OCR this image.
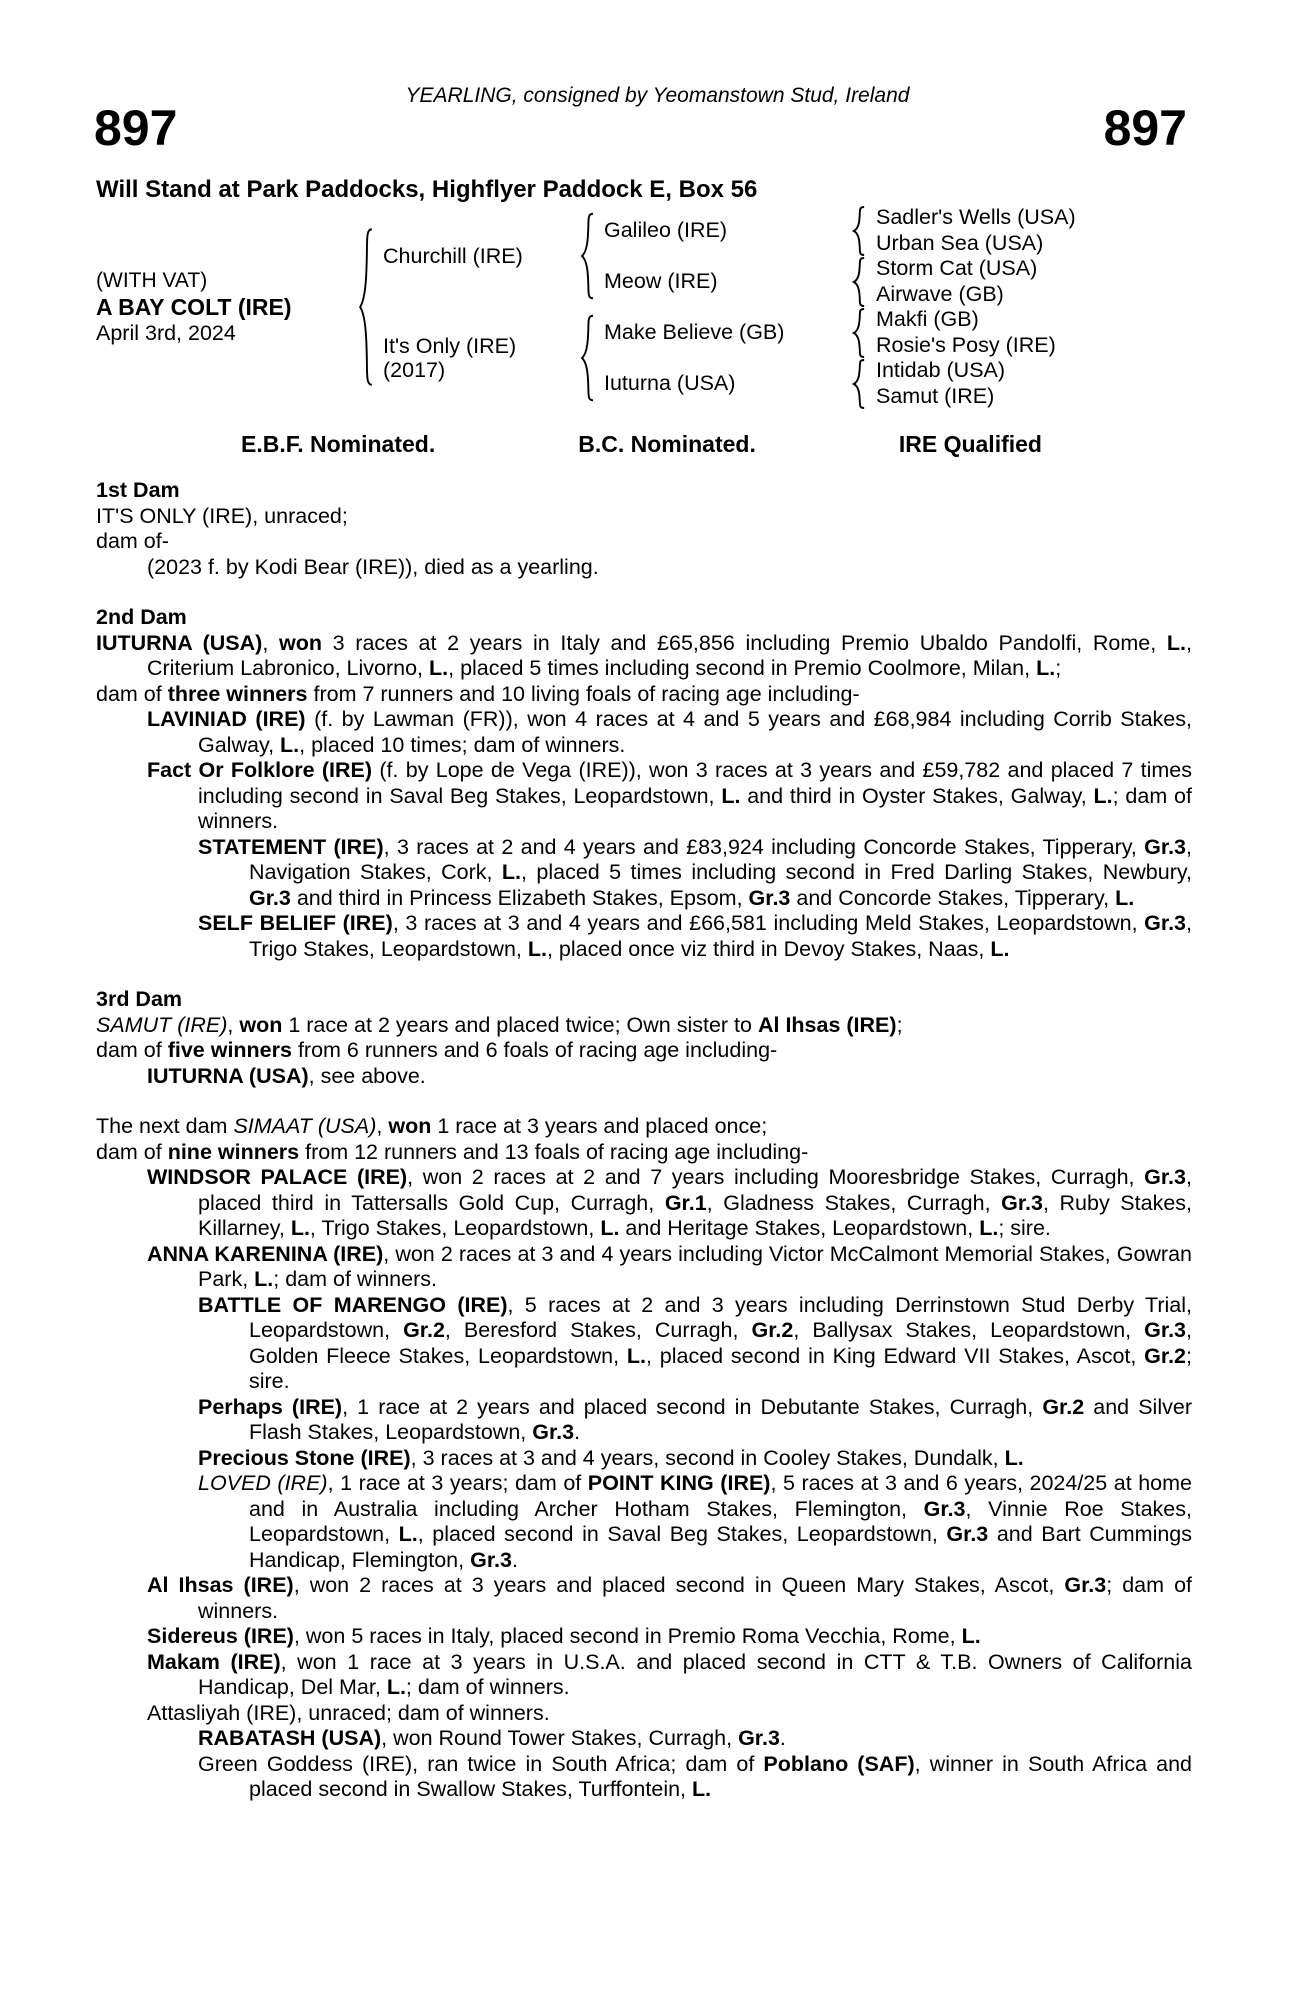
YEARLING, consigned by Yeomanstown Stud, Ireland
897	897
Will Stand at Park Paddocks, Highflyer Paddock E, Box 56
(WITH VAT)
A BAY COLT (IRE)
April 3rd, 2024
Churchill (IRE)
Galileo (IRE)
Sadler's Wells (USA)
Urban Sea (USA)
Meow (IRE)
Storm Cat (USA)
Airwave (GB)
It's Only (IRE)
(2017)
Make Believe (GB)
Makfi (GB)
Rosie's Posy (IRE)
Iuturna (USA)
Intidab (USA)
Samut (IRE)
E.B.F. Nominated.	B.C. Nominated.	IRE Qualified

1st Dam

IT'S ONLY (IRE), unraced;

dam of-

(2023 f. by Kodi Bear (IRE)), died as a yearling.

2nd Dam

IUTURNA (USA), won 3 races at 2 years in Italy and £65,856 including Premio Ubaldo Pandolfi, Rome, L., Criterium Labronico, Livorno, L., placed 5 times including second in Premio Coolmore, Milan, L.;

dam of three winners from 7 runners and 10 living foals of racing age including-

LAVINIAD (IRE) (f. by Lawman (FR)), won 4 races at 4 and 5 years and £68,984 including Corrib Stakes, Galway, L., placed 10 times; dam of winners.

Fact Or Folklore (IRE) (f. by Lope de Vega (IRE)), won 3 races at 3 years and £59,782 and placed 7 times including second in Saval Beg Stakes, Leopardstown, L. and third in Oyster Stakes, Galway, L.; dam of winners.

STATEMENT (IRE), 3 races at 2 and 4 years and £83,924 including Concorde Stakes, Tipperary, Gr.3, Navigation Stakes, Cork, L., placed 5 times including second in Fred Darling Stakes, Newbury, Gr.3 and third in Princess Elizabeth Stakes, Epsom, Gr.3 and Concorde Stakes, Tipperary, L.

SELF BELIEF (IRE), 3 races at 3 and 4 years and £66,581 including Meld Stakes, Leopardstown, Gr.3, Trigo Stakes, Leopardstown, L., placed once viz third in Devoy Stakes, Naas, L.

3rd Dam

SAMUT (IRE), won 1 race at 2 years and placed twice; Own sister to Al Ihsas (IRE);

dam of five winners from 6 runners and 6 foals of racing age including-

IUTURNA (USA), see above.

The next dam SIMAAT (USA), won 1 race at 3 years and placed once;

dam of nine winners from 12 runners and 13 foals of racing age including-

WINDSOR PALACE (IRE), won 2 races at 2 and 7 years including Mooresbridge Stakes, Curragh, Gr.3, placed third in Tattersalls Gold Cup, Curragh, Gr.1, Gladness Stakes, Curragh, Gr.3, Ruby Stakes, Killarney, L., Trigo Stakes, Leopardstown, L. and Heritage Stakes, Leopardstown, L.; sire.

ANNA KARENINA (IRE), won 2 races at 3 and 4 years including Victor McCalmont Memorial Stakes, Gowran Park, L.; dam of winners.

BATTLE OF MARENGO (IRE), 5 races at 2 and 3 years including Derrinstown Stud Derby Trial, Leopardstown, Gr.2, Beresford Stakes, Curragh, Gr.2, Ballysax Stakes, Leopardstown, Gr.3, Golden Fleece Stakes, Leopardstown, L., placed second in King Edward VII Stakes, Ascot, Gr.2; sire.

Perhaps (IRE), 1 race at 2 years and placed second in Debutante Stakes, Curragh, Gr.2 and Silver Flash Stakes, Leopardstown, Gr.3.

Precious Stone (IRE), 3 races at 3 and 4 years, second in Cooley Stakes, Dundalk, L.

LOVED (IRE), 1 race at 3 years; dam of POINT KING (IRE), 5 races at 3 and 6 years, 2024/25 at home and in Australia including Archer Hotham Stakes, Flemington, Gr.3, Vinnie Roe Stakes, Leopardstown, L., placed second in Saval Beg Stakes, Leopardstown, Gr.3 and Bart Cummings Handicap, Flemington, Gr.3.

Al Ihsas (IRE), won 2 races at 3 years and placed second in Queen Mary Stakes, Ascot, Gr.3; dam of winners.

Sidereus (IRE), won 5 races in Italy, placed second in Premio Roma Vecchia, Rome, L.

Makam (IRE), won 1 race at 3 years in U.S.A. and placed second in CTT & T.B. Owners of California Handicap, Del Mar, L.; dam of winners.

Attasliyah (IRE), unraced; dam of winners.

RABATASH (USA), won Round Tower Stakes, Curragh, Gr.3.

Green Goddess (IRE), ran twice in South Africa; dam of Poblano (SAF), winner in South Africa and placed second in Swallow Stakes, Turffontein, L.
